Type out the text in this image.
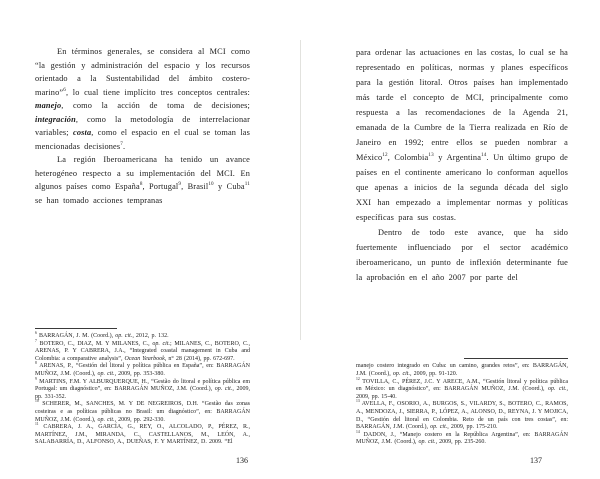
En términos generales, se considera al MCI como “la gestión y administración del espacio y los recursos orientado a la Sustentabilidad del ámbito costero-marino”$^6$, lo cual tiene implícito tres conceptos centrales: manejo, como la acción de toma de decisiones; integración, como la metodología de interrelacionar variables; costa, como el espacio en el cual se toman las mencionadas decisiones$^7$.

La región Iberoamericana ha tenido un avance heterogéneo respecto a su implementación del MCI. En algunos países como España$^8$, Portugal$^9$, Brasil$^{10}$ y Cuba$^{11}$ se han tomado acciones tempranas

$^6$ BARRAGÁN, J. M. (Coord.), op. cit., 2012, p. 132.

$^7$ BOTERO, C., DIAZ, M. Y MILANES, C., op. cit.; MILANES, C., BOTERO, C., ARENAS, P. Y CABRERA, J.A., “Integrated coastal management in Cuba and Colombia: a comparative analysis”, Ocean Yearbook, n° 28 (2014), pp. 672-697.

$^8$ ARENAS, P., “Gestión del litoral y política pública en España”, en: BARRAGÁN MUÑOZ, J.M. (Coord.), op. cit., 2009, pp. 353-380.

$^9$ MARTINS, F.M. Y ALBURQUERQUE, H., “Gestão do litoral e política pública em Portugal: um diagnóstico”, en: BARRAGÁN MUÑOZ, J.M. (Coord.), op. cit., 2009, pp. 331-352.

$^{10}$ SCHERER, M., SANCHES, M. Y DE NEGREIROS, D.H. “Gestão das zonas costeiras e as políticas públicas no Brasil: um diagnóstico”, en: BARRAGÁN MUÑOZ, J.M. (Coord.), op. cit., 2009, pp. 292-330.

$^{11}$ CABRERA, J. A., GARCÍA, G., REY, O., ALCOLADO, P., PÉREZ, R., MARTÍNEZ, J.M., MIRANDA, C., CASTELLANOS, M., LEÓN, A., SALABARRÍA, D., ALFONSO, A., DUEÑAS, F. Y MARTÍNEZ, D. 2009. “El

136

para ordenar las actuaciones en las costas, lo cual se ha representado en políticas, normas y planes específicos para la gestión litoral. Otros países han implementado más tarde el concepto de MCI, principalmente como respuesta a las recomendaciones de la Agenda 21, emanada de la Cumbre de la Tierra realizada en Río de Janeiro en 1992; entre ellos se pueden nombrar a México$^{12}$, Colombia$^{13}$ y Argentina$^{14}$. Un último grupo de países en el continente americano lo conforman aquellos que apenas a inicios de la segunda década del siglo XXI han empezado a implementar normas y políticas específicas para sus costas.

Dentro de todo este avance, que ha sido fuertemente influenciado por el sector académico iberoamericano, un punto de inflexión determinante fue la aprobación en el año 2007 por parte del

manejo costero integrado en Cuba: un camino, grandes retos”, en: BARRAGÁN, J.M. (Coord.), op. cit., 2009, pp. 91-120.

$^{12}$ TOVILLA, C., PÉREZ, J.C. Y ARECE, A.M., “Gestión litoral y política pública en México: un diagnóstico”, en: BARRAGÁN MUÑOZ, J.M. (Coord.), op. cit., 2009, pp. 15-40.

$^{13}$ AVELLA, F., OSORIO, A., BURGOS, S., VILARDY, S., BOTERO, C., RAMOS, A., MENDOZA, J., SIERRA, P., LÓPEZ, A., ALONSO, D., REYNA, J. Y MOJICA, D., “Gestión del litoral en Colombia. Reto de un país con tres costas”, en: BARRAGÁN, J.M. (Coord.), op. cit., 2009, pp. 175-210.

$^{14}$ DADON, J., “Manejo costero en la República Argentina”, en: BARRAGÁN MUÑOZ, J.M. (Coord.), op. cit., 2009, pp. 235-260.

137
